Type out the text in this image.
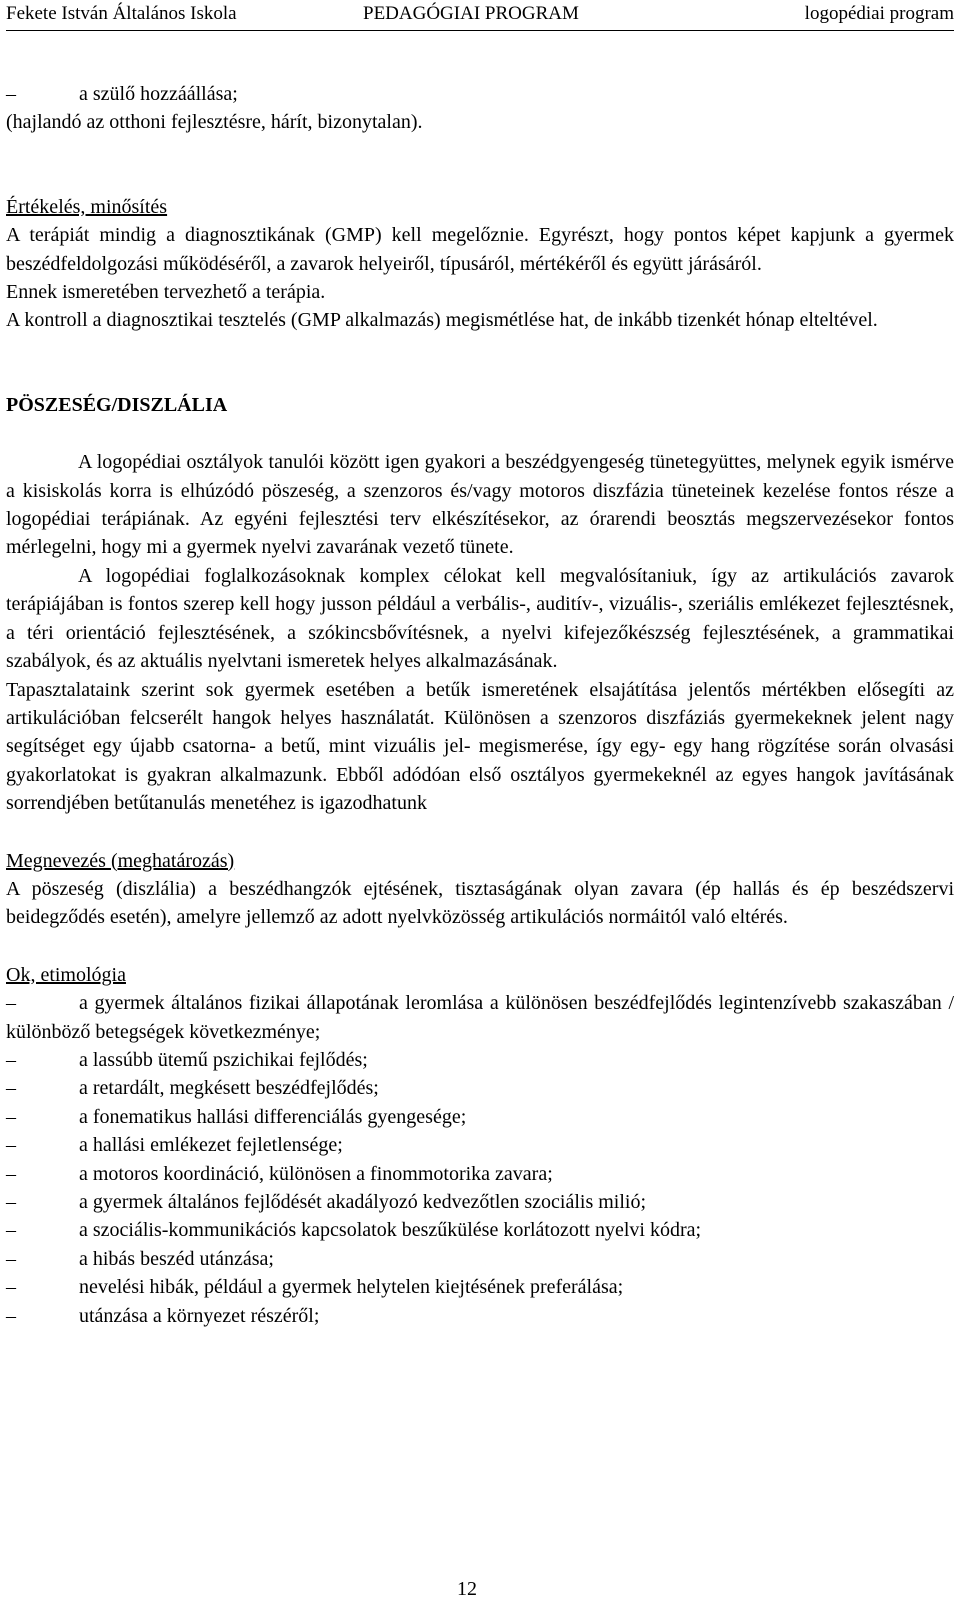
Fekete István Általános Iskola	PEDAGÓGIAI PROGRAM	logopédiai program
–	a szülő hozzáállása;

(hajlandó az otthoni fejlesztésre, hárít, bizonytalan).

Értékelés, minősítés

A terápiát mindig a diagnosztikának (GMP) kell megelőznie. Egyrészt, hogy pontos képet kapjunk a gyermek beszédfeldolgozási működéséről, a zavarok helyeiről, típusáról, mértékéről és együtt járásáról.

Ennek ismeretében tervezhető a terápia.

A kontroll a diagnosztikai tesztelés (GMP alkalmazás) megismétlése hat, de inkább tizenkét hónap elteltével.

PÖSZESÉG/DISZLÁLIA

A logopédiai osztályok tanulói között igen gyakori a beszédgyengeség tünetegyüttes, melynek egyik ismérve a kisiskolás korra is elhúzódó pöszeség, a szenzoros és/vagy motoros diszfázia tüneteinek kezelése fontos része a logopédiai terápiának. Az egyéni fejlesztési terv elkészítésekor, az órarendi beosztás megszervezésekor fontos mérlegelni, hogy mi a gyermek nyelvi zavarának vezető tünete.

A logopédiai foglalkozásoknak komplex célokat kell megvalósítaniuk, így az artikulációs zavarok terápiájában is fontos szerep kell hogy jusson például a verbális-, auditív-, vizuális-, szeriális emlékezet fejlesztésnek, a téri orientáció fejlesztésének, a szókincsbővítésnek, a nyelvi kifejezőkészség fejlesztésének, a grammatikai szabályok, és az aktuális nyelvtani ismeretek helyes alkalmazásának.

Tapasztalataink szerint sok gyermek esetében a betűk ismeretének elsajátítása jelentős mértékben elősegíti az artikulációban felcserélt hangok helyes használatát. Különösen a szenzoros diszfáziás gyermekeknek jelent nagy segítséget egy újabb csatorna- a betű, mint vizuális jel- megismerése, így egy- egy hang rögzítése során olvasási gyakorlatokat is gyakran alkalmazunk. Ebből adódóan első osztályos gyermekeknél az egyes hangok javításának sorrendjében betűtanulás menetéhez is igazodhatunk

Megnevezés (meghatározás)

A pöszeség (diszlália) a beszédhangzók ejtésének, tisztaságának olyan zavara (ép hallás és ép beszédszervi beidegződés esetén), amelyre jellemző az adott nyelvközösség artikulációs normáitól való eltérés.

Ok, etimológia

–	a gyermek általános fizikai állapotának leromlása a különösen beszédfejlődés legintenzívebb szakaszában / különböző betegségek következménye;
–	a lassúbb ütemű pszichikai fejlődés;
–	a retardált, megkésett beszédfejlődés;
–	a fonematikus hallási differenciálás gyengesége;
–	a hallási emlékezet fejletlensége;
–	a motoros koordináció, különösen a finommotorika zavara;
–	a gyermek általános fejlődését akadályozó kedvezőtlen szociális milió;
–	a szociális-kommunikációs kapcsolatok beszűkülése korlátozott nyelvi kódra;
–	a hibás beszéd utánzása;
–	nevelési hibák, például a gyermek helytelen kiejtésének preferálása;
–	utánzása a környezet részéről;
12
